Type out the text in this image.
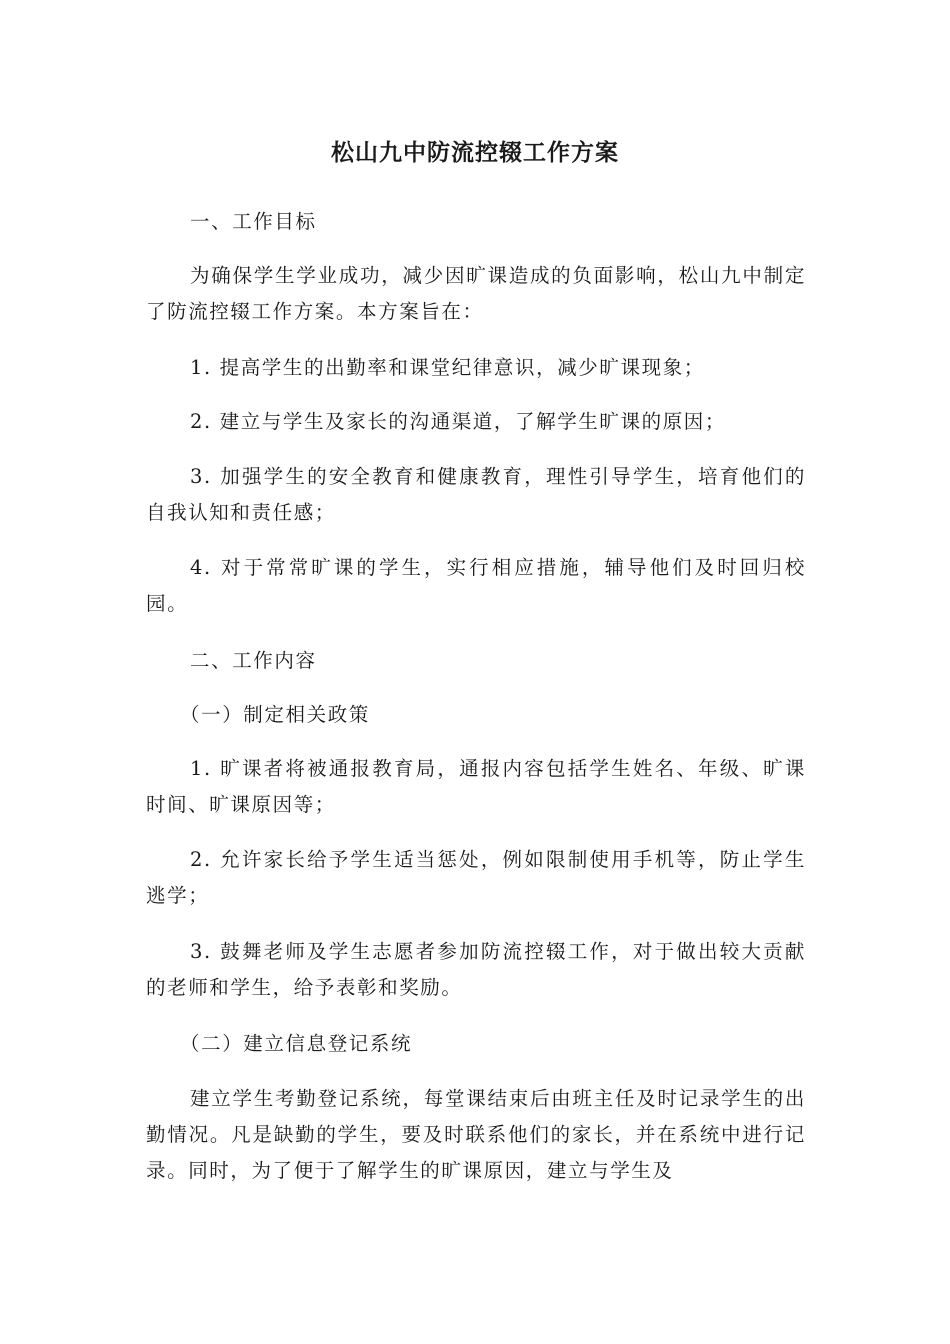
松山九中防流控辍工作方案

一、工作目标

为确保学生学业成功，减少因旷课造成的负面影响，松山九中制定了防流控辍工作方案。本方案旨在：

1. 提高学生的出勤率和课堂纪律意识，减少旷课现象；

2. 建立与学生及家长的沟通渠道，了解学生旷课的原因；

3. 加强学生的安全教育和健康教育，理性引导学生，培育他们的自我认知和责任感；

4. 对于常常旷课的学生，实行相应措施，辅导他们及时回归校园。

二、工作内容

（一）制定相关政策

1. 旷课者将被通报教育局，通报内容包括学生姓名、年级、旷课时间、旷课原因等；

2. 允许家长给予学生适当惩处，例如限制使用手机等，防止学生逃学；

3. 鼓舞老师及学生志愿者参加防流控辍工作，对于做出较大贡献的老师和学生，给予表彰和奖励。

（二）建立信息登记系统

建立学生考勤登记系统，每堂课结束后由班主任及时记录学生的出勤情况。凡是缺勤的学生，要及时联系他们的家长，并在系统中进行记录。同时，为了便于了解学生的旷课原因，建立与学生及
